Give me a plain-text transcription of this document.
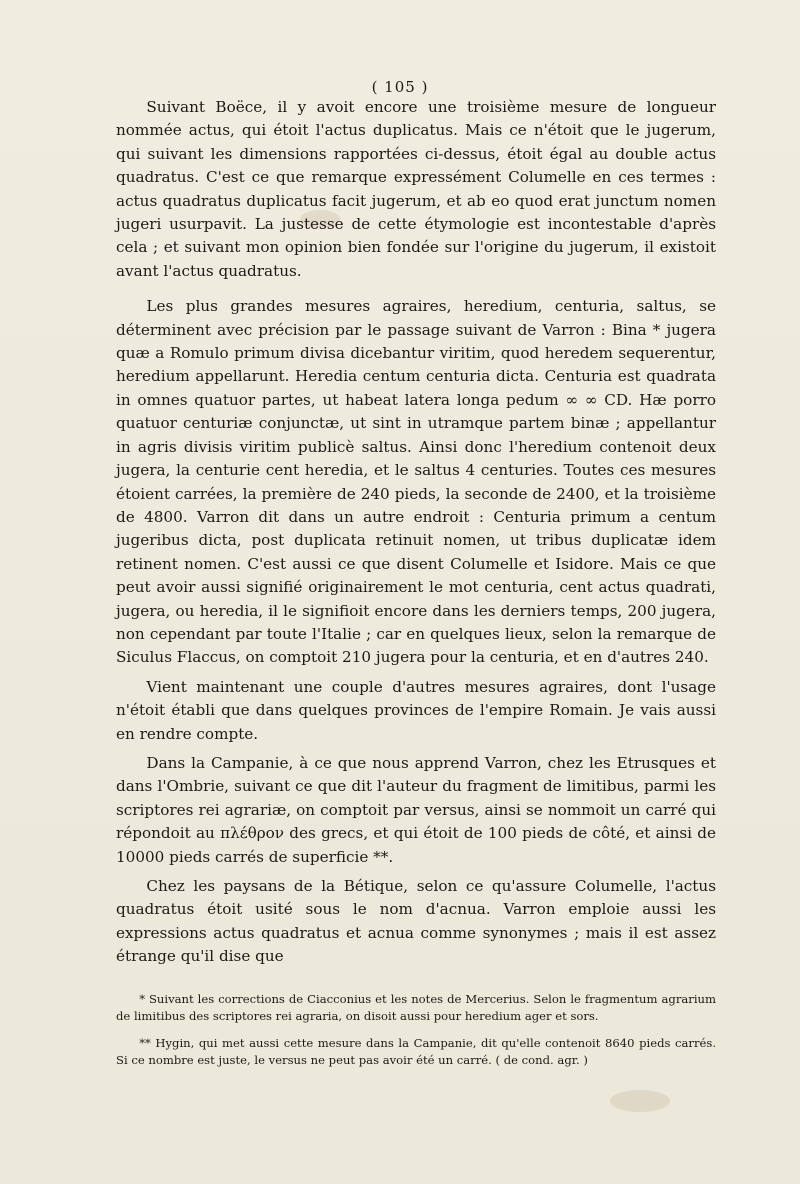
( 105 )

Suivant Boëce, il y avoit encore une troisième mesure de longueur nommée actus, qui étoit l'actus duplicatus. Mais ce n'étoit que le jugerum, qui suivant les dimensions rapportées ci-dessus, étoit égal au double actus quadratus. C'est ce que remarque expressément Columelle en ces termes : actus quadratus duplicatus facit jugerum, et ab eo quod erat junctum nomen jugeri usurpavit. La justesse de cette étymologie est incontestable d'après cela ; et suivant mon opinion bien fondée sur l'origine du jugerum, il existoit avant l'actus quadratus.

Les plus grandes mesures agraires, heredium, centuria, saltus, se déterminent avec précision par le passage suivant de Varron : Bina * jugera quæ a Romulo primum divisa dicebantur viritim, quod heredem sequerentur, heredium appellarunt. Heredia centum centuria dicta. Centuria est quadrata in omnes quatuor partes, ut habeat latera longa pedum ∞ ∞ CD. Hæ porro quatuor centuriæ conjunctæ, ut sint in utramque partem binæ ; appellantur in agris divisis viritim publicè saltus. Ainsi donc l'heredium contenoit deux jugera, la centurie cent heredia, et le saltus 4 centuries. Toutes ces mesures étoient carrées, la première de 240 pieds, la seconde de 2400, et la troisième de 4800. Varron dit dans un autre endroit : Centuria primum a centum jugeribus dicta, post duplicata retinuit nomen, ut tribus duplicatæ idem retinent nomen. C'est aussi ce que disent Columelle et Isidore. Mais ce que peut avoir aussi signifié originairement le mot centuria, cent actus quadrati, jugera, ou heredia, il le signifioit encore dans les derniers temps, 200 jugera, non cependant par toute l'Italie ; car en quelques lieux, selon la remarque de Siculus Flaccus, on comptoit 210 jugera pour la centuria, et en d'autres 240.

Vient maintenant une couple d'autres mesures agraires, dont l'usage n'étoit établi que dans quelques provinces de l'empire Romain. Je vais aussi en rendre compte.

Dans la Campanie, à ce que nous apprend Varron, chez les Etrusques et dans l'Ombrie, suivant ce que dit l'auteur du fragment de limitibus, parmi les scriptores rei agrariæ, on comptoit par versus, ainsi se nommoit un carré qui répondoit au πλέθρον des grecs, et qui étoit de 100 pieds de côté, et ainsi de 10000 pieds carrés de superficie **.

Chez les paysans de la Bétique, selon ce qu'assure Columelle, l'actus quadratus étoit usité sous le nom d'acnua. Varron emploie aussi les expressions actus quadratus et acnua comme synonymes ; mais il est assez étrange qu'il dise que

* Suivant les corrections de Ciacconius et les notes de Mercerius. Selon le fragmentum agrarium de limitibus des scriptores rei agraria, on disoit aussi pour heredium ager et sors.

** Hygin, qui met aussi cette mesure dans la Campanie, dit qu'elle contenoit 8640 pieds carrés. Si ce nombre est juste, le versus ne peut pas avoir été un carré. ( de cond. agr. )
